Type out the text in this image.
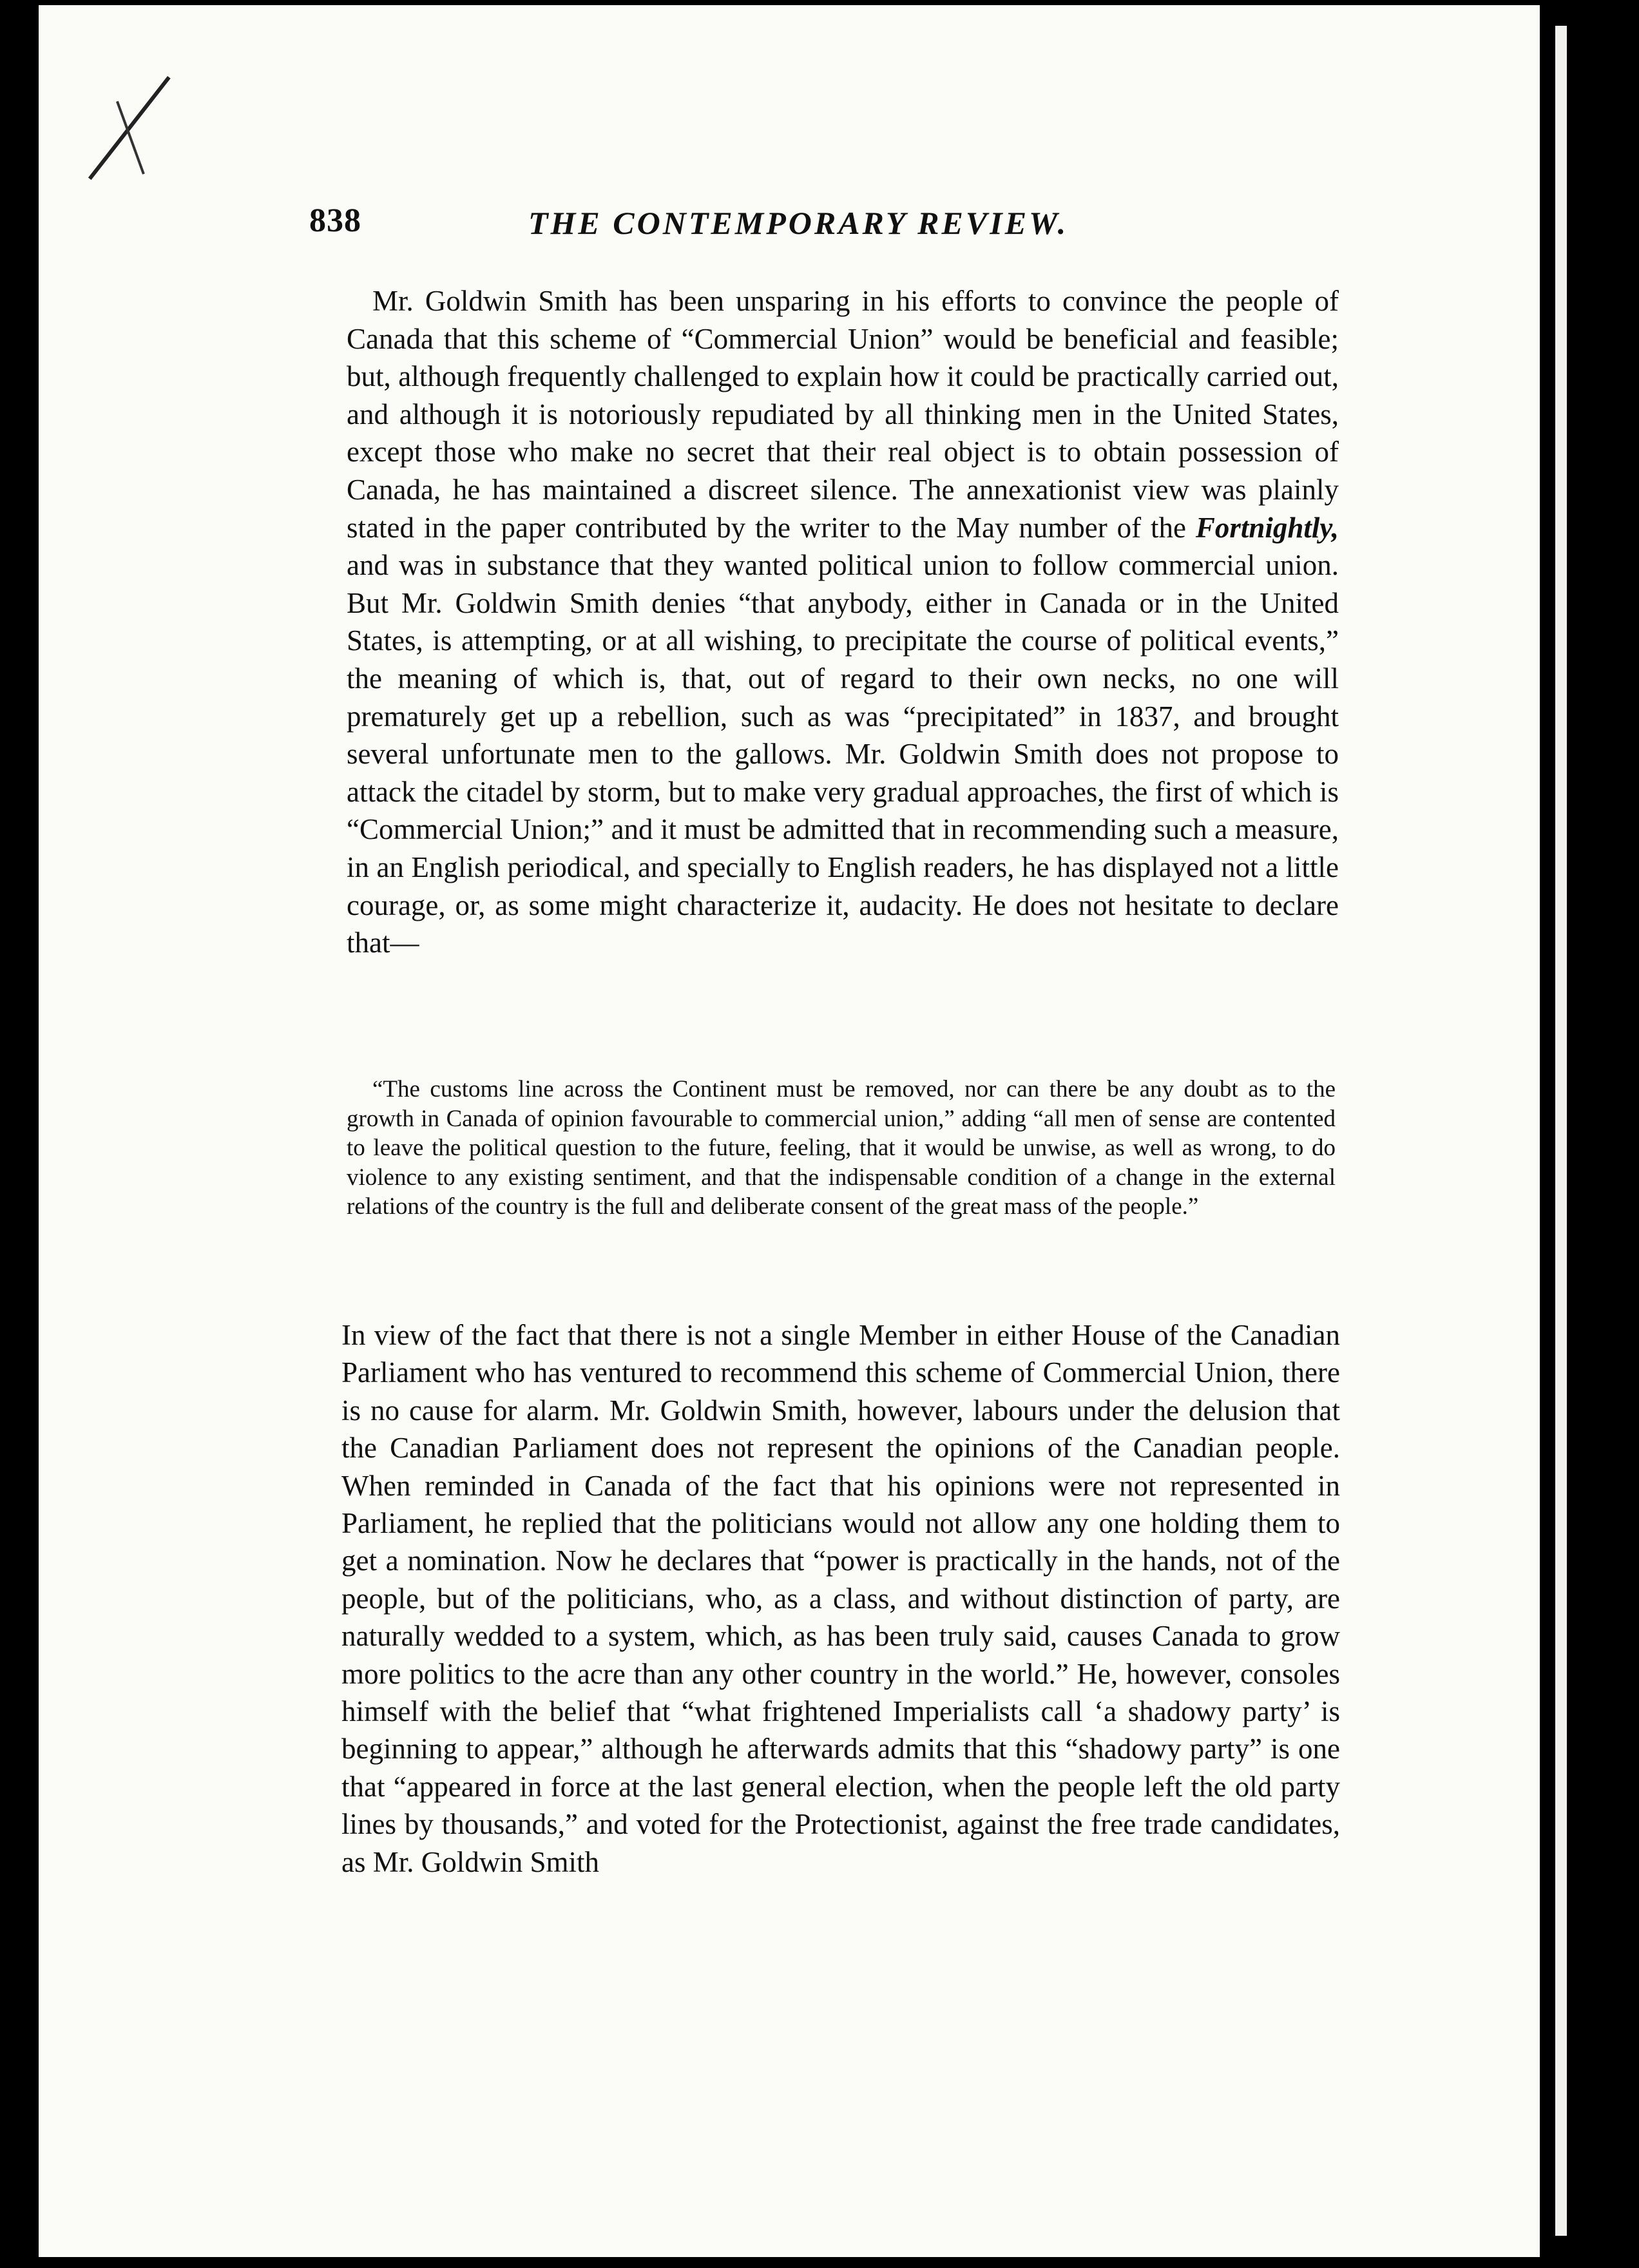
838	THE CONTEMPORARY REVIEW.

Mr. Goldwin Smith has been unsparing in his efforts to convince the people of Canada that this scheme of “Commercial Union” would be beneficial and feasible; but, although frequently challenged to explain how it could be practically carried out, and although it is notoriously repudiated by all thinking men in the United States, except those who make no secret that their real object is to obtain possession of Canada, he has maintained a discreet silence. The annexationist view was plainly stated in the paper contributed by the writer to the May number of the Fortnightly, and was in substance that they wanted political union to follow commercial union. But Mr. Goldwin Smith denies “that anybody, either in Canada or in the United States, is attempting, or at all wishing, to precipitate the course of political events,” the meaning of which is, that, out of regard to their own necks, no one will prematurely get up a rebellion, such as was “precipitated” in 1837, and brought several unfortunate men to the gallows. Mr. Goldwin Smith does not propose to attack the citadel by storm, but to make very gradual approaches, the first of which is “Commercial Union;” and it must be admitted that in recommending such a measure, in an English periodical, and specially to English readers, he has displayed not a little courage, or, as some might characterize it, audacity. He does not hesitate to declare that—

“The customs line across the Continent must be removed, nor can there be any doubt as to the growth in Canada of opinion favourable to commercial union,” adding “all men of sense are contented to leave the political question to the future, feeling, that it would be unwise, as well as wrong, to do violence to any existing sentiment, and that the indispensable condition of a change in the external relations of the country is the full and deliberate consent of the great mass of the people.”

In view of the fact that there is not a single Member in either House of the Canadian Parliament who has ventured to recommend this scheme of Commercial Union, there is no cause for alarm. Mr. Goldwin Smith, however, labours under the delusion that the Canadian Parliament does not represent the opinions of the Canadian people. When reminded in Canada of the fact that his opinions were not represented in Parliament, he replied that the politicians would not allow any one holding them to get a nomination. Now he declares that “power is practically in the hands, not of the people, but of the politicians, who, as a class, and without distinction of party, are naturally wedded to a system, which, as has been truly said, causes Canada to grow more politics to the acre than any other country in the world.” He, however, consoles himself with the belief that “what frightened Imperialists call ‘a shadowy party’ is beginning to appear,” although he afterwards admits that this “shadowy party” is one that “appeared in force at the last general election, when the people left the old party lines by thousands,” and voted for the Protectionist, against the free trade candidates, as Mr. Goldwin Smith
